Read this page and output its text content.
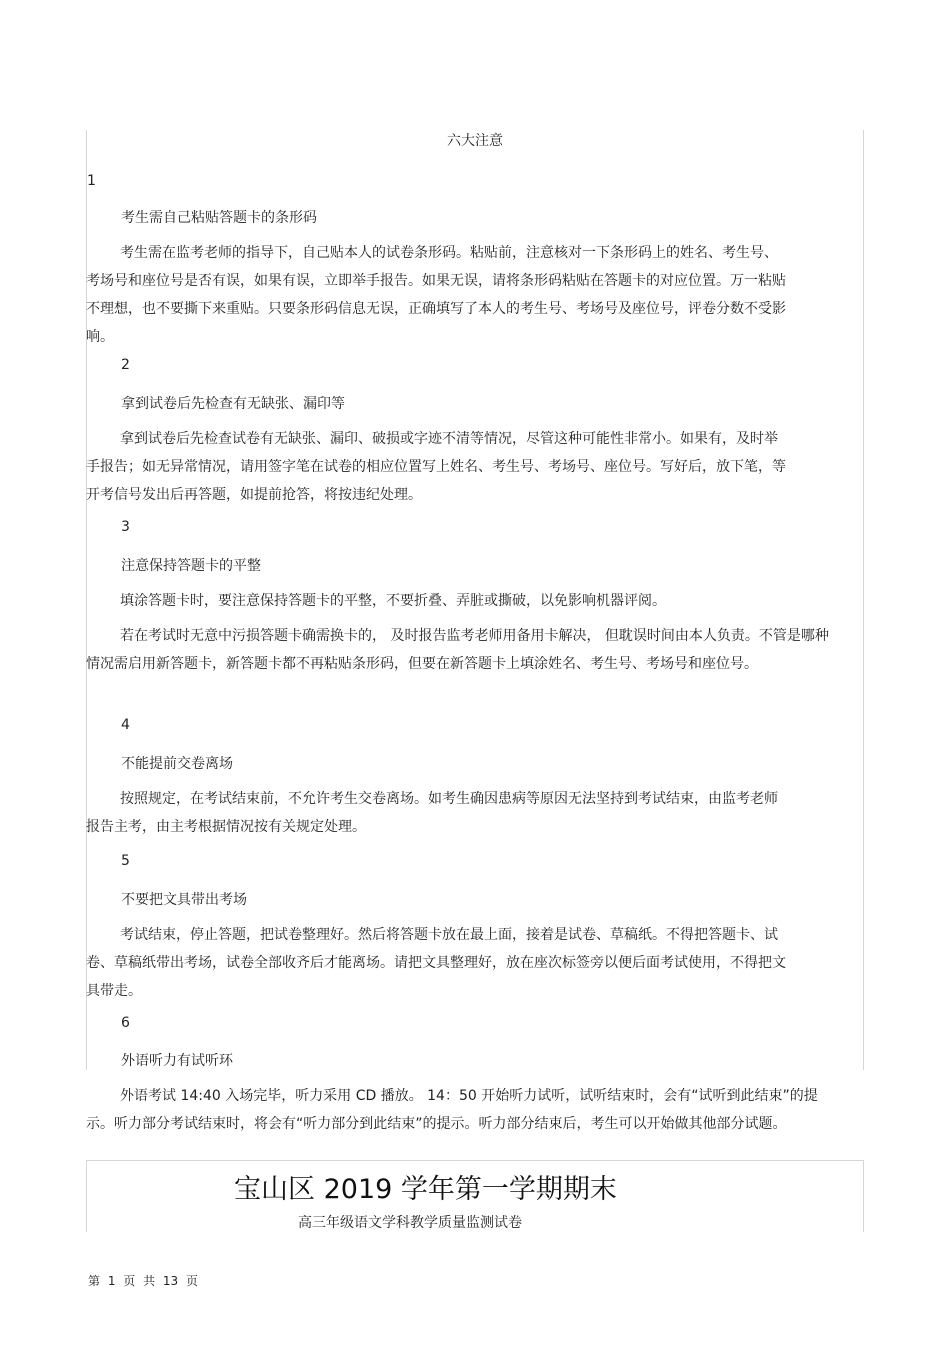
六大注意
1
考生需自己粘贴答题卡的条形码

考生需在监考老师的指导下，自己贴本人的试卷条形码。粘贴前，注意核对一下条形码上的姓名、考生号、考场号和座位号是否有误，如果有误，立即举手报告。如果无误，请将条形码粘贴在答题卡的对应位置。万一粘贴不理想，也不要撕下来重贴。只要条形码信息无误，正确填写了本人的考生号、考场号及座位号，评卷分数不受影响。

2
拿到试卷后先检查有无缺张、漏印等

拿到试卷后先检查试卷有无缺张、漏印、破损或字迹不清等情况，尽管这种可能性非常小。如果有，及时举手报告；如无异常情况，请用签字笔在试卷的相应位置写上姓名、考生号、考场号、座位号。写好后，放下笔，等开考信号发出后再答题，如提前抢答，将按违纪处理。

3
注意保持答题卡的平整

填涂答题卡时，要注意保持答题卡的平整，不要折叠、弄脏或撕破，以免影响机器评阅。

若在考试时无意中污损答题卡确需换卡的， 及时报告监考老师用备用卡解决， 但耽误时间由本人负责。不管是哪种情况需启用新答题卡，新答题卡都不再粘贴条形码，但要在新答题卡上填涂姓名、考生号、考场号和座位号。

4
不能提前交卷离场

按照规定，在考试结束前，不允许考生交卷离场。如考生确因患病等原因无法坚持到考试结束，由监考老师报告主考，由主考根据情况按有关规定处理。

5
不要把文具带出考场

考试结束，停止答题，把试卷整理好。然后将答题卡放在最上面，接着是试卷、草稿纸。不得把答题卡、试卷、草稿纸带出考场，试卷全部收齐后才能离场。请把文具整理好，放在座次标签旁以便后面考试使用，不得把文具带走。

6
外语听力有试听环

外语考试 14:40 入场完毕，听力采用 CD 播放。 14：50 开始听力试听，试听结束时，会有“试听到此结束”的提示。听力部分考试结束时，将会有“听力部分到此结束”的提示。听力部分结束后，考生可以开始做其他部分试题。

宝山区 2019 学年第一学期期末
高三年级语文学科教学质量监测试卷
第 1 页 共 13 页
